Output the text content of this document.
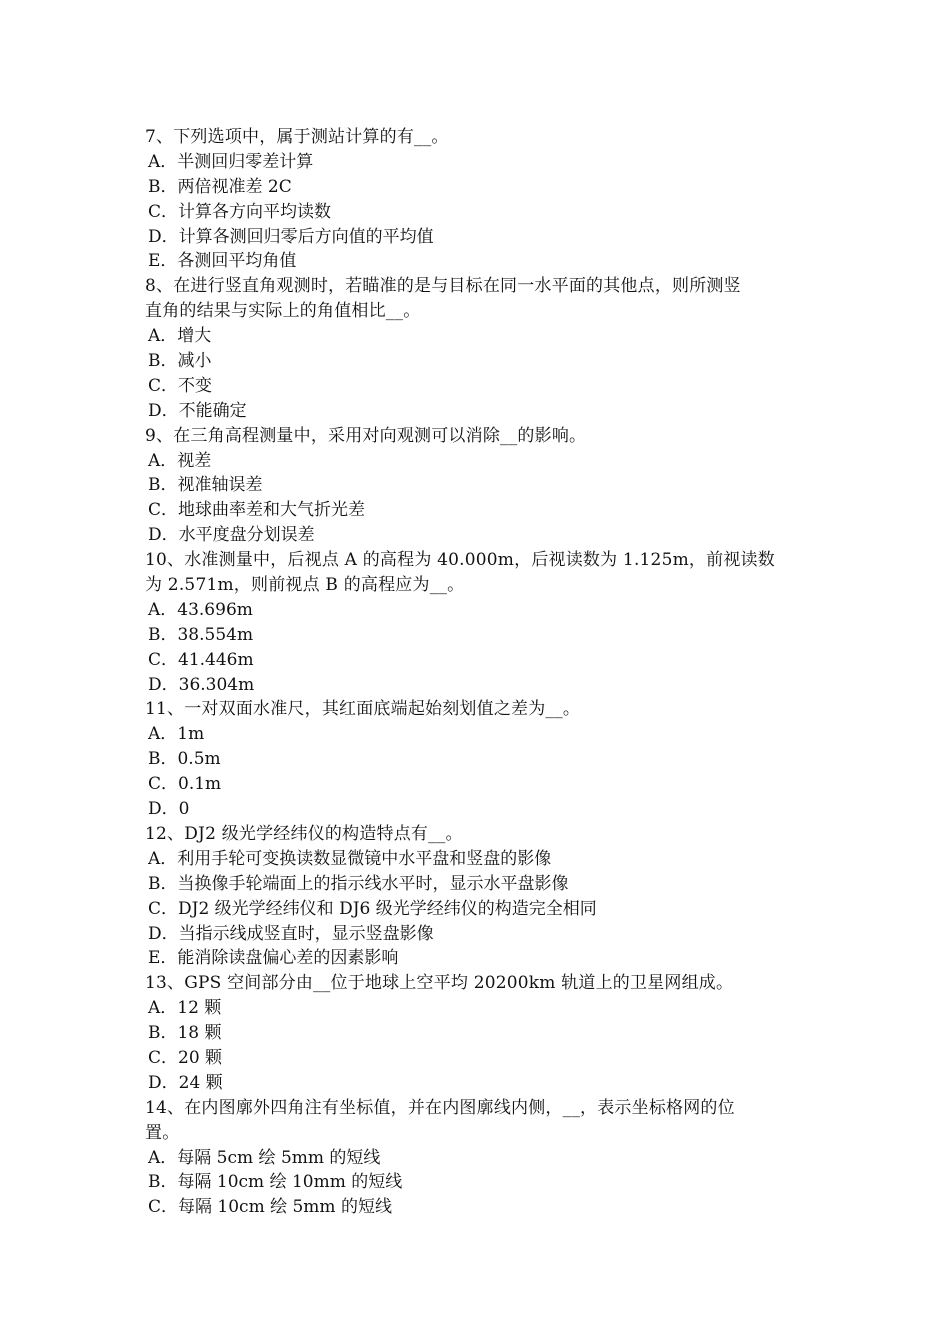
7、下列选项中，属于测站计算的有__。
A．半测回归零差计算
B．两倍视准差 2C
C．计算各方向平均读数
D．计算各测回归零后方向值的平均值
E．各测回平均角值
8、在进行竖直角观测时，若瞄准的是与目标在同一水平面的其他点，则所测竖
直角的结果与实际上的角值相比__。
A．增大
B．减小
C．不变
D．不能确定
9、在三角高程测量中，采用对向观测可以消除__的影响。
A．视差
B．视准轴误差
C．地球曲率差和大气折光差
D．水平度盘分划误差
10、水准测量中，后视点 A 的高程为 40.000m，后视读数为 1.125m，前视读数
为 2.571m，则前视点 B 的高程应为__。
A．43.696m
B．38.554m
C．41.446m
D．36.304m
11、一对双面水准尺，其红面底端起始刻划值之差为__。
A．1m
B．0.5m
C．0.1m
D．0
12、DJ2 级光学经纬仪的构造特点有__。
A．利用手轮可变换读数显微镜中水平盘和竖盘的影像
B．当换像手轮端面上的指示线水平时，显示水平盘影像
C．DJ2 级光学经纬仪和 DJ6 级光学经纬仪的构造完全相同
D．当指示线成竖直时，显示竖盘影像
E．能消除读盘偏心差的因素影响
13、GPS 空间部分由__位于地球上空平均 20200km 轨道上的卫星网组成。
A．12 颗
B．18 颗
C．20 颗
D．24 颗
14、在内图廓外四角注有坐标值，并在内图廓线内侧，__，表示坐标格网的位
置。
A．每隔 5cm 绘 5mm 的短线
B．每隔 10cm 绘 10mm 的短线
C．每隔 10cm 绘 5mm 的短线
